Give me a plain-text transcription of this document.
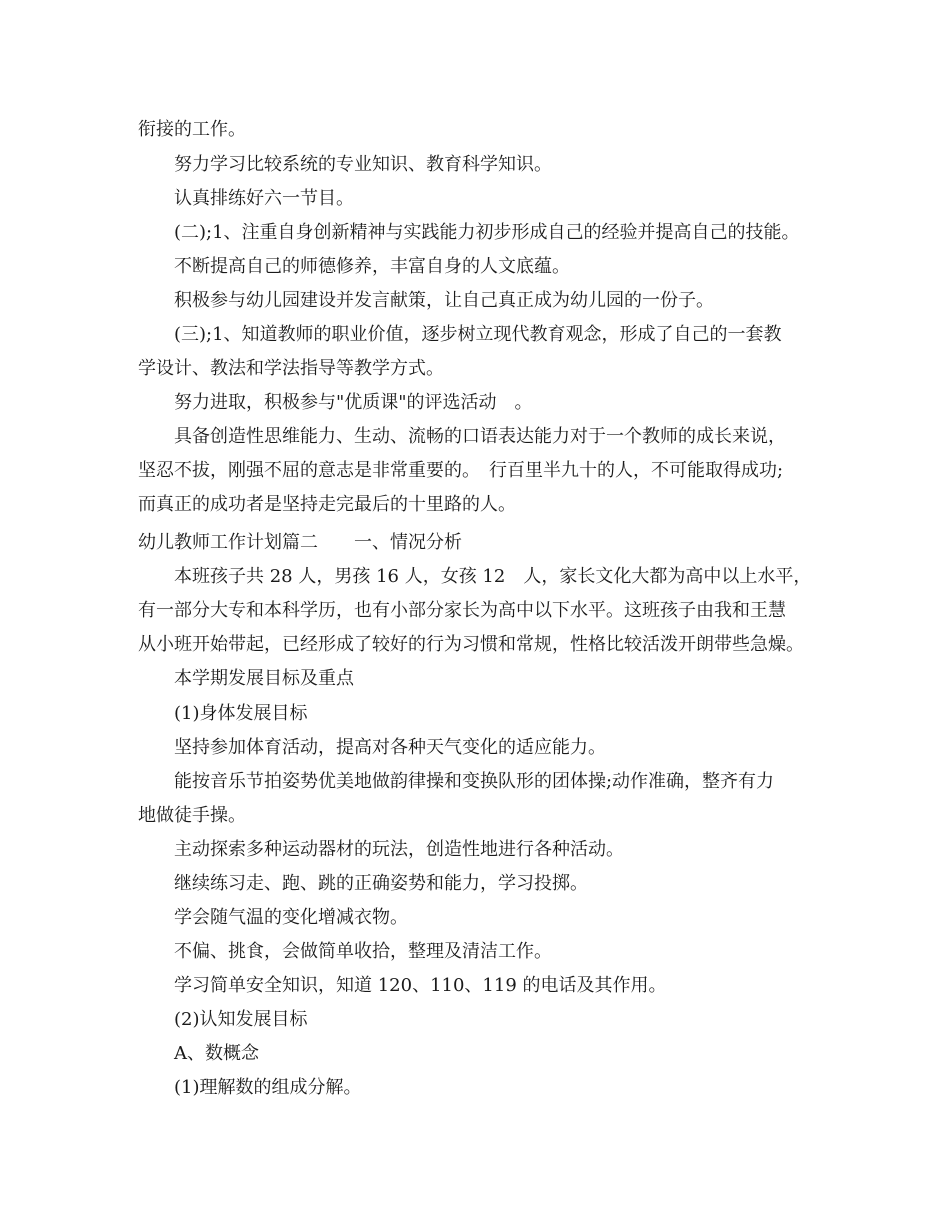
衔接的工作。
努力学习比较系统的专业知识、教育科学知识。
认真排练好六一节目。
(二);1、注重自身创新精神与实践能力初步形成自己的经验并提高自己的技能。
不断提高自己的师德修养，丰富自身的人文底蕴。
积极参与幼儿园建设并发言献策，让自己真正成为幼儿园的一份子。
(三);1、知道教师的职业价值，逐步树立现代教育观念，形成了自己的一套教
学设计、教法和学法指导等教学方式。
努力进取，积极参与"优质课"的评选活动　。
具备创造性思维能力、生动、流畅的口语表达能力对于一个教师的成长来说，
坚忍不拔，刚强不屈的意志是非常重要的。　行百里半九十的人，不可能取得成功;
而真正的成功者是坚持走完最后的十里路的人。
幼儿教师工作计划篇二　　一、情况分析
本班孩子共 28 人，男孩 16 人，女孩 12　人，家长文化大都为高中以上水平，
有一部分大专和本科学历，也有小部分家长为高中以下水平。这班孩子由我和王慧
从小班开始带起，已经形成了较好的行为习惯和常规，性格比较活泼开朗带些急燥。
本学期发展目标及重点
(1)身体发展目标
坚持参加体育活动，提高对各种天气变化的适应能力。
能按音乐节拍姿势优美地做韵律操和变换队形的团体操;动作准确，整齐有力
地做徒手操。
主动探索多种运动器材的玩法，创造性地进行各种活动。
继续练习走、跑、跳的正确姿势和能力，学习投掷。
学会随气温的变化增减衣物。
不偏、挑食，会做简单收拾，整理及清洁工作。
学习简单安全知识，知道 120、110、119 的电话及其作用。
(2)认知发展目标
A、数概念
(1)理解数的组成分解。
